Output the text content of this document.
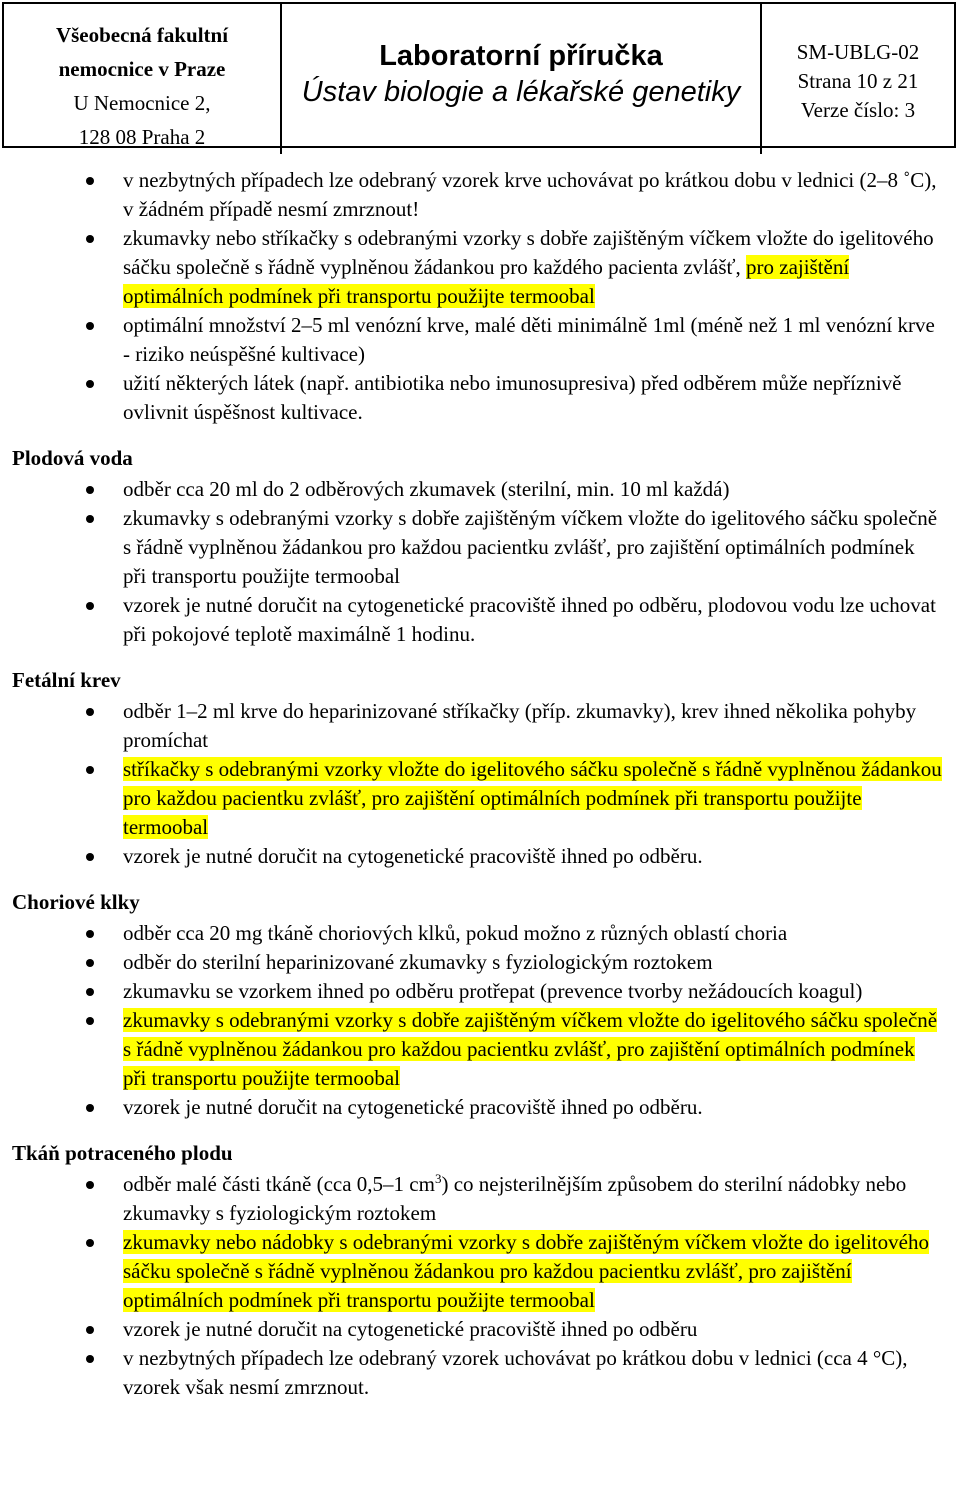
Všeobecná fakultní
nemocnice v Praze
U Nemocnice 2,
128 08 Praha 2
Laboratorní příručka
Ústav biologie a lékařské genetiky
SM-UBLG-02
Strana 10 z 21
Verze číslo: 3
v nezbytných případech lze odebraný vzorek krve uchovávat po krátkou dobu v lednici (2–8 ˚C), v žádném případě nesmí zmrznout!
zkumavky nebo stříkačky s odebranými vzorky s dobře zajištěným víčkem vložte do igelitového sáčku společně s řádně vyplněnou žádankou pro každého pacienta zvlášť, pro zajištění optimálních podmínek při transportu použijte termoobal
optimální množství 2–5 ml venózní krve, malé děti minimálně 1ml (méně než 1 ml venózní krve - riziko neúspěšné kultivace)
užití některých látek (např. antibiotika nebo imunosupresiva) před odběrem může nepříznivě ovlivnit úspěšnost kultivace.
Plodová voda
odběr cca 20 ml do 2 odběrových zkumavek (sterilní, min. 10 ml každá)
zkumavky s odebranými vzorky s dobře zajištěným víčkem vložte do igelitového sáčku společně s řádně vyplněnou žádankou pro každou pacientku zvlášť, pro zajištění optimálních podmínek při transportu použijte termoobal
vzorek je nutné doručit na cytogenetické pracoviště ihned po odběru, plodovou vodu lze uchovat při pokojové teplotě maximálně 1 hodinu.
Fetální krev
odběr 1–2 ml krve do heparinizované stříkačky (příp. zkumavky), krev ihned několika pohyby promíchat
stříkačky s odebranými vzorky vložte do igelitového sáčku společně s řádně vyplněnou žádankou pro každou pacientku zvlášť, pro zajištění optimálních podmínek při transportu použijte termoobal
vzorek je nutné doručit na cytogenetické pracoviště ihned po odběru.
Choriové klky
odběr cca 20 mg tkáně choriových klků, pokud možno z různých oblastí choria
odběr do sterilní heparinizované zkumavky s fyziologickým roztokem
zkumavku se vzorkem ihned po odběru protřepat (prevence tvorby nežádoucích koagul)
zkumavky s odebranými vzorky s dobře zajištěným víčkem vložte do igelitového sáčku společně s řádně vyplněnou žádankou pro každou pacientku zvlášť, pro zajištění optimálních podmínek při transportu použijte termoobal
vzorek je nutné doručit na cytogenetické pracoviště ihned po odběru.
Tkáň potraceného plodu
odběr malé části tkáně (cca 0,5–1 $cm^3$) co nejsterilnějším způsobem do sterilní nádobky nebo zkumavky s fyziologickým roztokem
zkumavky nebo nádobky s odebranými vzorky s dobře zajištěným víčkem vložte do igelitového sáčku společně s řádně vyplněnou žádankou pro každou pacientku zvlášť, pro zajištění optimálních podmínek při transportu použijte termoobal
vzorek je nutné doručit na cytogenetické pracoviště ihned po odběru
v nezbytných případech lze odebraný vzorek uchovávat po krátkou dobu v lednici (cca 4 °C), vzorek však nesmí zmrznout.
